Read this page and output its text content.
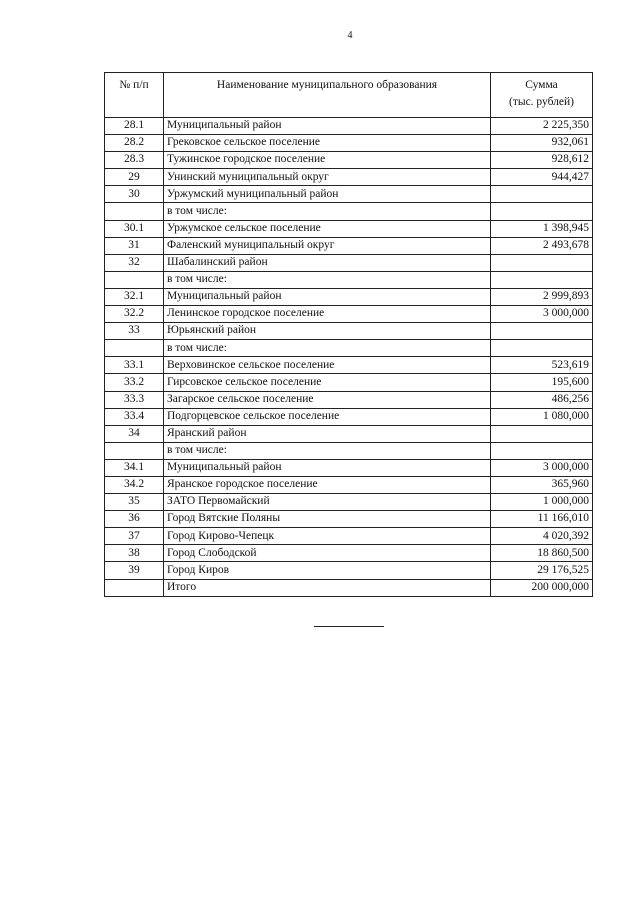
4
№ п/п	Наименование муниципального образования	Сумма
(тыс. рублей)

28.1	Муниципальный район	2 225,350
28.2	Грековское сельское поселение	932,061
28.3	Тужинское городское поселение	928,612
29	Унинский муниципальный округ	944,427
30	Уржумский муниципальный район	
	в том числе:	
30.1	Уржумское сельское поселение	1 398,945
31	Фаленский муниципальный округ	2 493,678
32	Шабалинский район	
	в том числе:	
32.1	Муниципальный район	2 999,893
32.2	Ленинское городское поселение	3 000,000
33	Юрьянский район	
	в том числе:	
33.1	Верховинское сельское поселение	523,619
33.2	Гирсовское сельское поселение	195,600
33.3	Загарское сельское поселение	486,256
33.4	Подгорцевское сельское поселение	1 080,000
34	Яранский район	
	в том числе:	
34.1	Муниципальный район	3 000,000
34.2	Яранское городское поселение	365,960
35	ЗАТО Первомайский	1 000,000
36	Город Вятские Поляны	11 166,010
37	Город Кирово-Чепецк	4 020,392
38	Город Слободской	18 860,500
39	Город Киров	29 176,525
	Итого	200 000,000
